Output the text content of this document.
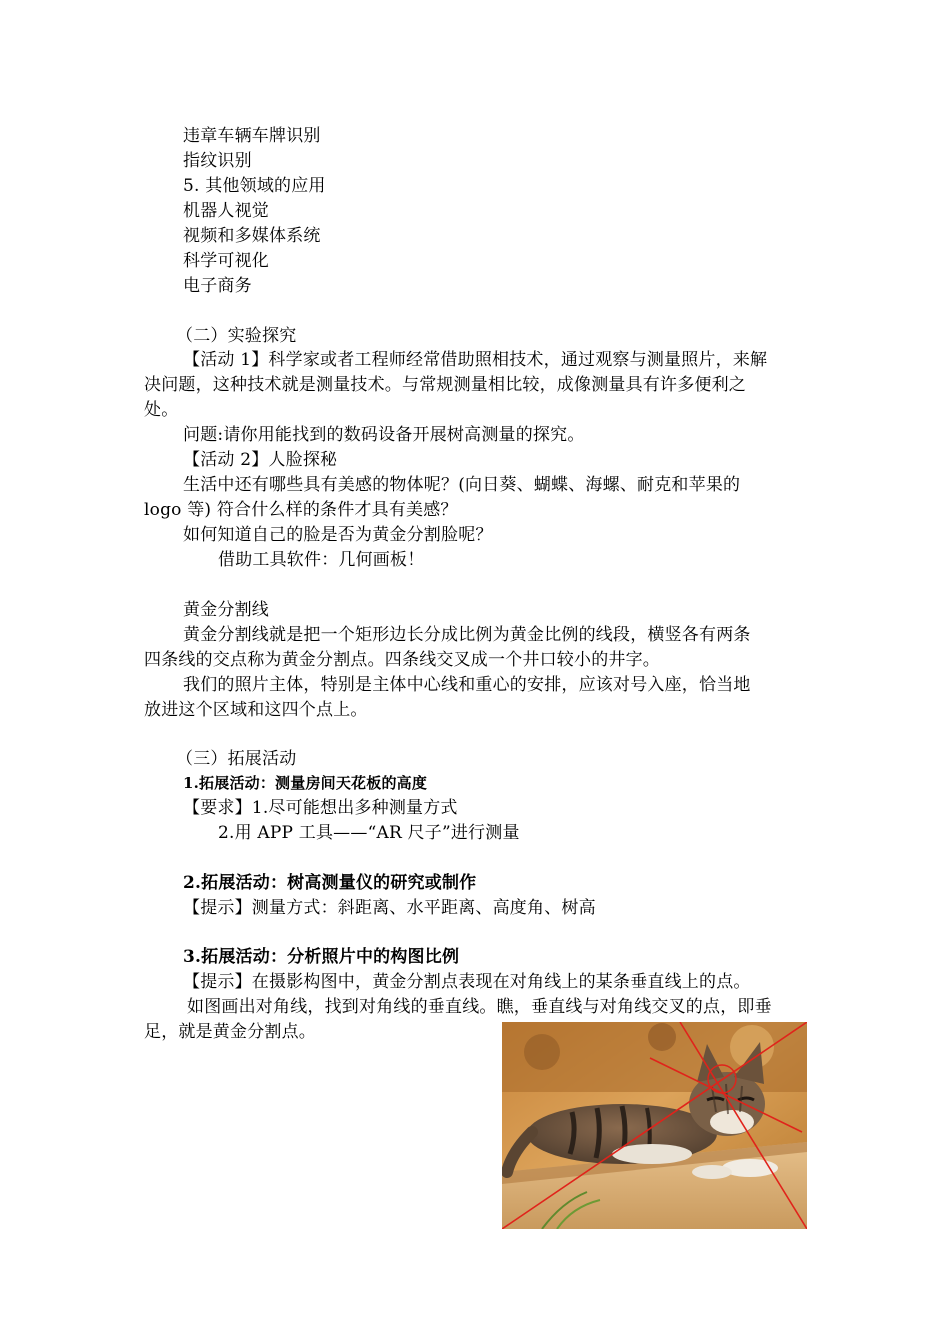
违章车辆车牌识别
指纹识别
5. 其他领域的应用
机器人视觉
视频和多媒体系统
科学可视化
电子商务
（二）实验探究
【活动 1】科学家或者工程师经常借助照相技术，通过观察与测量照片，来解
决问题，这种技术就是测量技术。与常规测量相比较，成像测量具有许多便利之
处。
问题:请你用能找到的数码设备开展树高测量的探究。
【活动 2】人脸探秘
生活中还有哪些具有美感的物体呢？(向日葵、蝴蝶、海螺、耐克和苹果的
logo 等) 符合什么样的条件才具有美感？
如何知道自己的脸是否为黄金分割脸呢？
借助工具软件：几何画板！
黄金分割线
黄金分割线就是把一个矩形边长分成比例为黄金比例的线段，横竖各有两条
四条线的交点称为黄金分割点。四条线交叉成一个井口较小的井字。
我们的照片主体，特别是主体中心线和重心的安排，应该对号入座，恰当地
放进这个区域和这四个点上。
（三）拓展活动
1.拓展活动：测量房间天花板的高度
【要求】1.尽可能想出多种测量方式
2.用 APP 工具——“AR 尺子”进行测量
2.拓展活动：树高测量仪的研究或制作
【提示】测量方式：斜距离、水平距离、高度角、树高
3.拓展活动：分析照片中的构图比例
【提示】在摄影构图中，黄金分割点表现在对角线上的某条垂直线上的点。
如图画出对角线，找到对角线的垂直线。瞧，垂直线与对角线交叉的点，即垂
足，就是黄金分割点。
